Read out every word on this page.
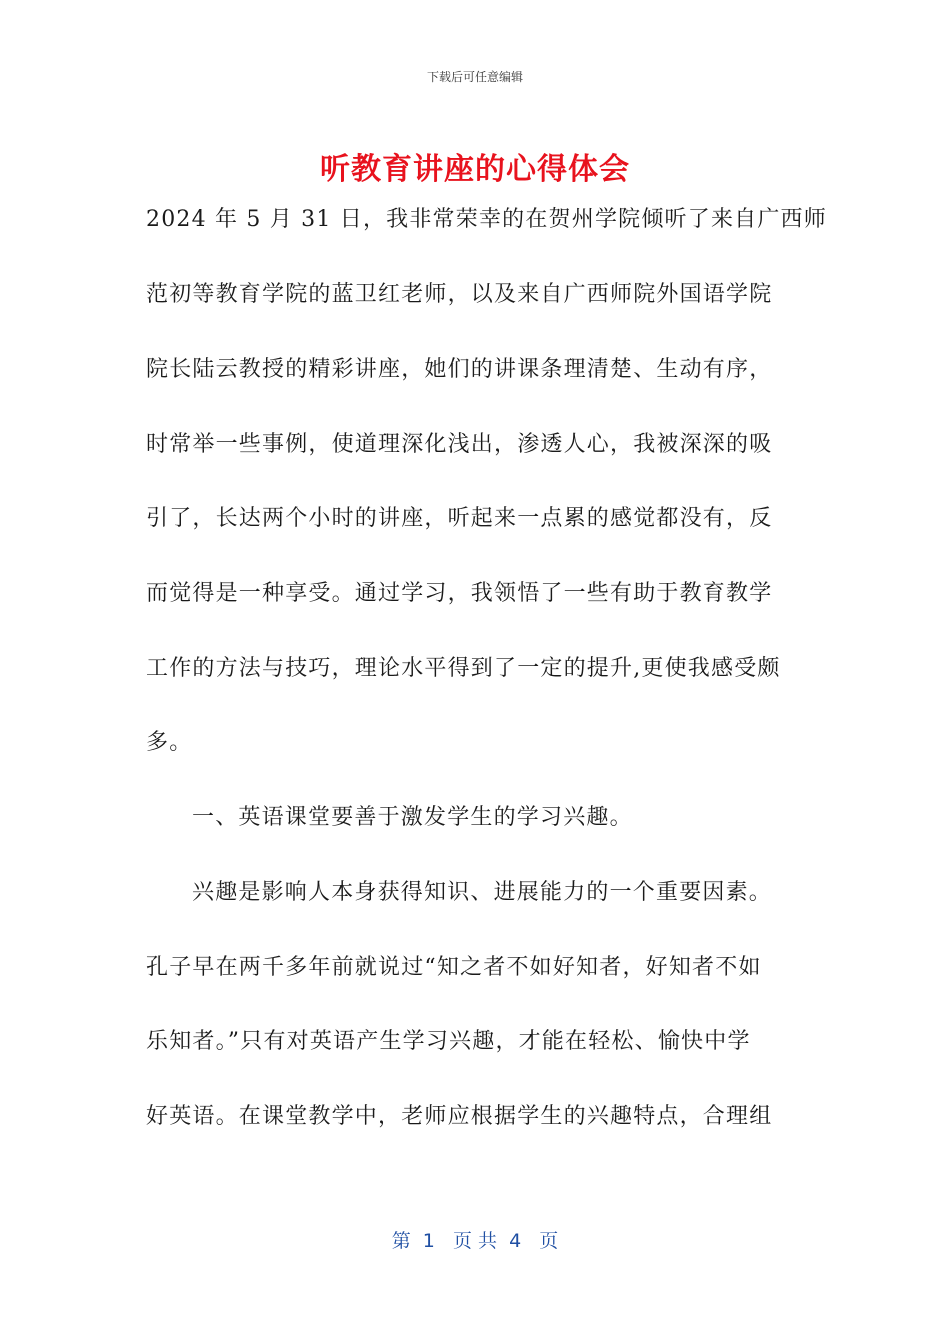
下载后可任意编辑
听教育讲座的心得体会
2024 年 5 月 31 日，我非常荣幸的在贺州学院倾听了来自广西师
范初等教育学院的蓝卫红老师，以及来自广西师院外国语学院
院长陆云教授的精彩讲座，她们的讲课条理清楚、生动有序，
时常举一些事例，使道理深化浅出，渗透人心，我被深深的吸
引了，长达两个小时的讲座，听起来一点累的感觉都没有，反
而觉得是一种享受。通过学习，我领悟了一些有助于教育教学
工作的方法与技巧，理论水平得到了一定的提升,更使我感受颇
多。
一、英语课堂要善于激发学生的学习兴趣。
兴趣是影响人本身获得知识、进展能力的一个重要因素。
孔子早在两千多年前就说过“知之者不如好知者，好知者不如
乐知者。”只有对英语产生学习兴趣，才能在轻松、愉快中学
好英语。在课堂教学中，老师应根据学生的兴趣特点，合理组
第  1   页 共  4   页
